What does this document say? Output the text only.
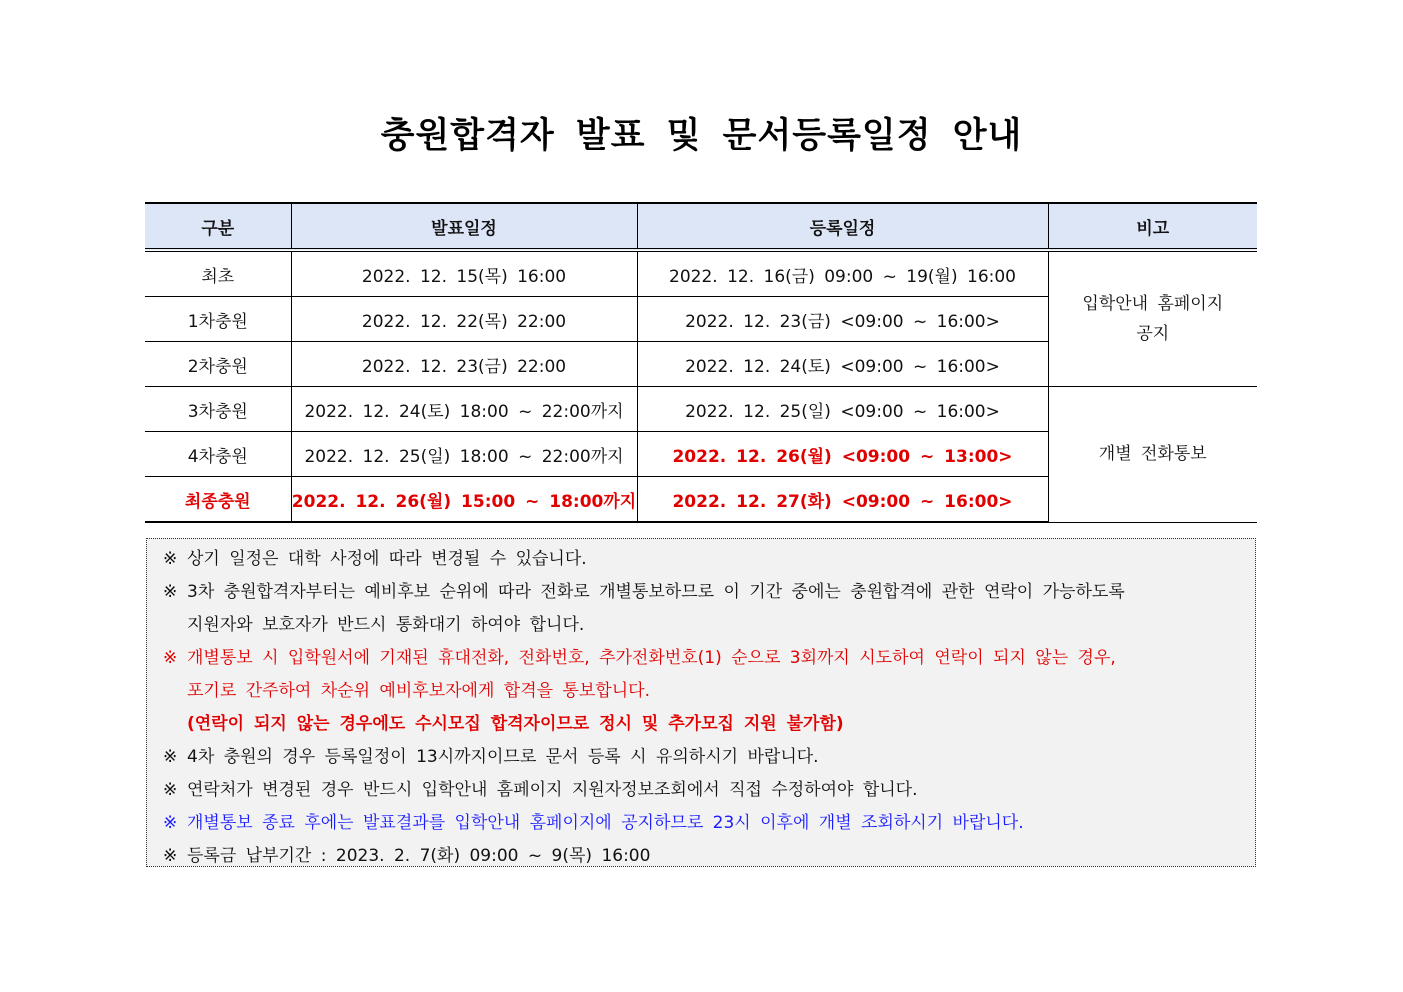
충원합격자 발표 및 문서등록일정 안내
구분	발표일정	등록일정	비고
최초	2022. 12. 15(목) 16:00	2022. 12. 16(금) 09:00 ~ 19(월) 16:00	입학안내 홈페이지
공지

1차충원	2022. 12. 22(목) 22:00	2022. 12. 23(금) <09:00 ~ 16:00>	
2차충원	2022. 12. 23(금) 22:00	2022. 12. 24(토) <09:00 ~ 16:00>	
3차충원	2022. 12. 24(토) 18:00 ~ 22:00까지	2022. 12. 25(일) <09:00 ~ 16:00>	개별 전화통보
4차충원	2022. 12. 25(일) 18:00 ~ 22:00까지	2022. 12. 26(월) <09:00 ~ 13:00>	
최종충원	2022. 12. 26(월) 15:00 ~ 18:00까지	2022. 12. 27(화) <09:00 ~ 16:00>	
※ 상기 일정은 대학 사정에 따라 변경될 수 있습니다.
※ 3차 충원합격자부터는 예비후보 순위에 따라 전화로 개별통보하므로 이 기간 중에는 충원합격에 관한 연락이 가능하도록
지원자와 보호자가 반드시 통화대기 하여야 합니다.
※ 개별통보 시 입학원서에 기재된 휴대전화, 전화번호, 추가전화번호(1) 순으로 3회까지 시도하여 연락이 되지 않는 경우,
포기로 간주하여 차순위 예비후보자에게 합격을 통보합니다.
(연락이 되지 않는 경우에도 수시모집 합격자이므로 정시 및 추가모집 지원 불가함)
※ 4차 충원의 경우 등록일정이 13시까지이므로 문서 등록 시 유의하시기 바랍니다.
※ 연락처가 변경된 경우 반드시 입학안내 홈페이지 지원자정보조회에서 직접 수정하여야 합니다.
※ 개별통보 종료 후에는 발표결과를 입학안내 홈페이지에 공지하므로 23시 이후에 개별 조회하시기 바랍니다.
※ 등록금 납부기간 : 2023. 2. 7(화) 09:00 ~ 9(목) 16:00
